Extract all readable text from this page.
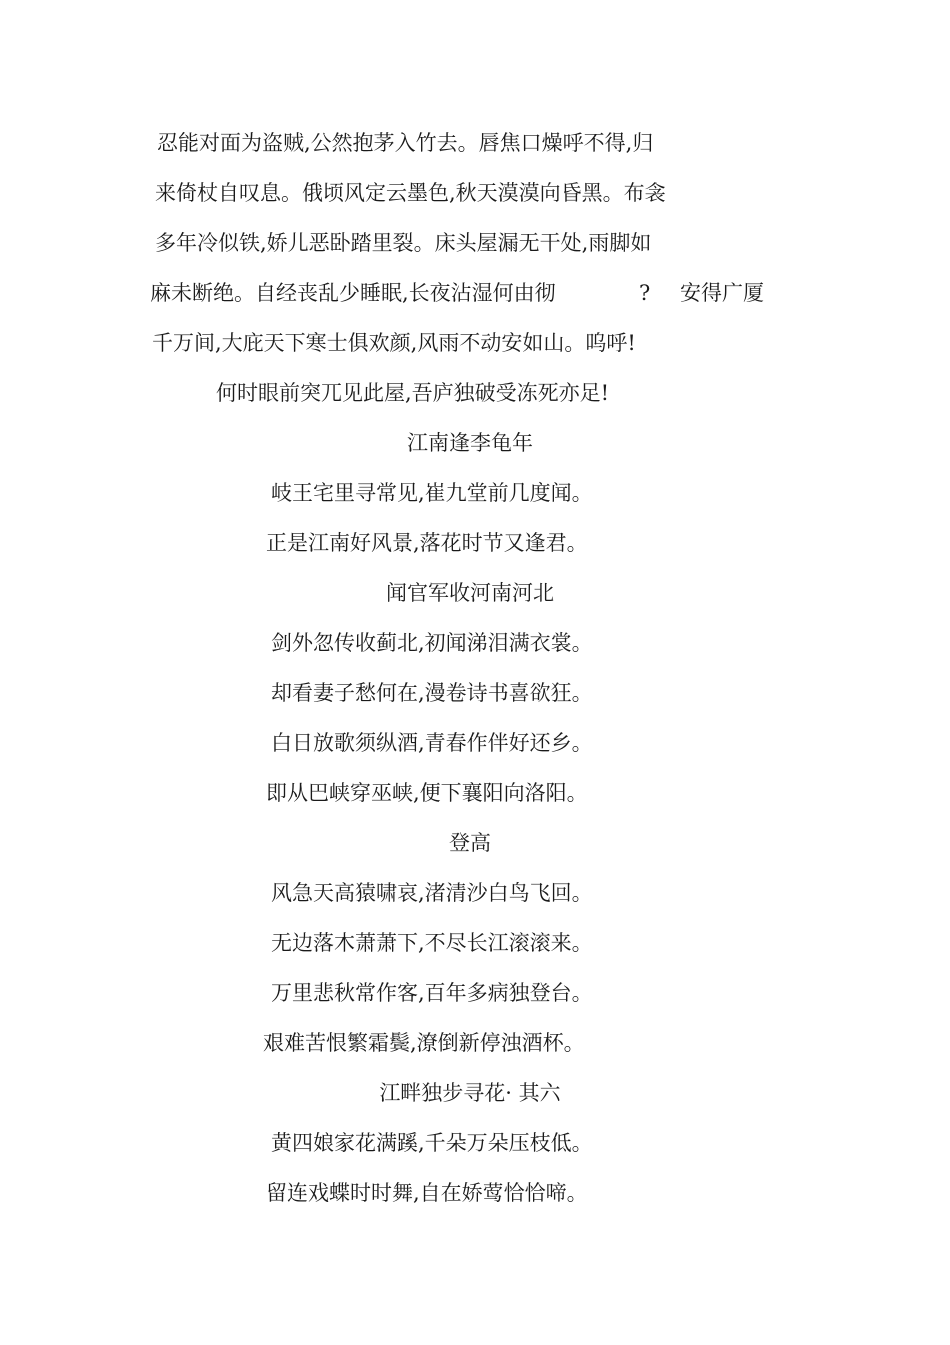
忍能对面为盗贼,公然抱茅入竹去。唇焦口燥呼不得,归

来倚杖自叹息。俄顷风定云墨色,秋天漠漠向昏黑。布衾

多年冷似铁,娇儿恶卧踏里裂。床头屋漏无干处,雨脚如

麻未断绝。自经丧乱少睡眠,长夜沾湿何由彻	? 安得广厦

千万间,大庇天下寒士俱欢颜,风雨不动安如山。呜呼!

何时眼前突兀见此屋,吾庐独破受冻死亦足!

江南逢李龟年

岐王宅里寻常见,崔九堂前几度闻。

正是江南好风景,落花时节又逢君。

闻官军收河南河北

剑外忽传收蓟北,初闻涕泪满衣裳。

却看妻子愁何在,漫卷诗书喜欲狂。

白日放歌须纵酒,青春作伴好还乡。

即从巴峡穿巫峡,便下襄阳向洛阳。

登高

风急天高猿啸哀,渚清沙白鸟飞回。

无边落木萧萧下,不尽长江滚滚来。

万里悲秋常作客,百年多病独登台。

艰难苦恨繁霜鬓,潦倒新停浊酒杯。

江畔独步寻花· 其六

黄四娘家花满蹊,千朵万朵压枝低。

留连戏蝶时时舞,自在娇莺恰恰啼。
